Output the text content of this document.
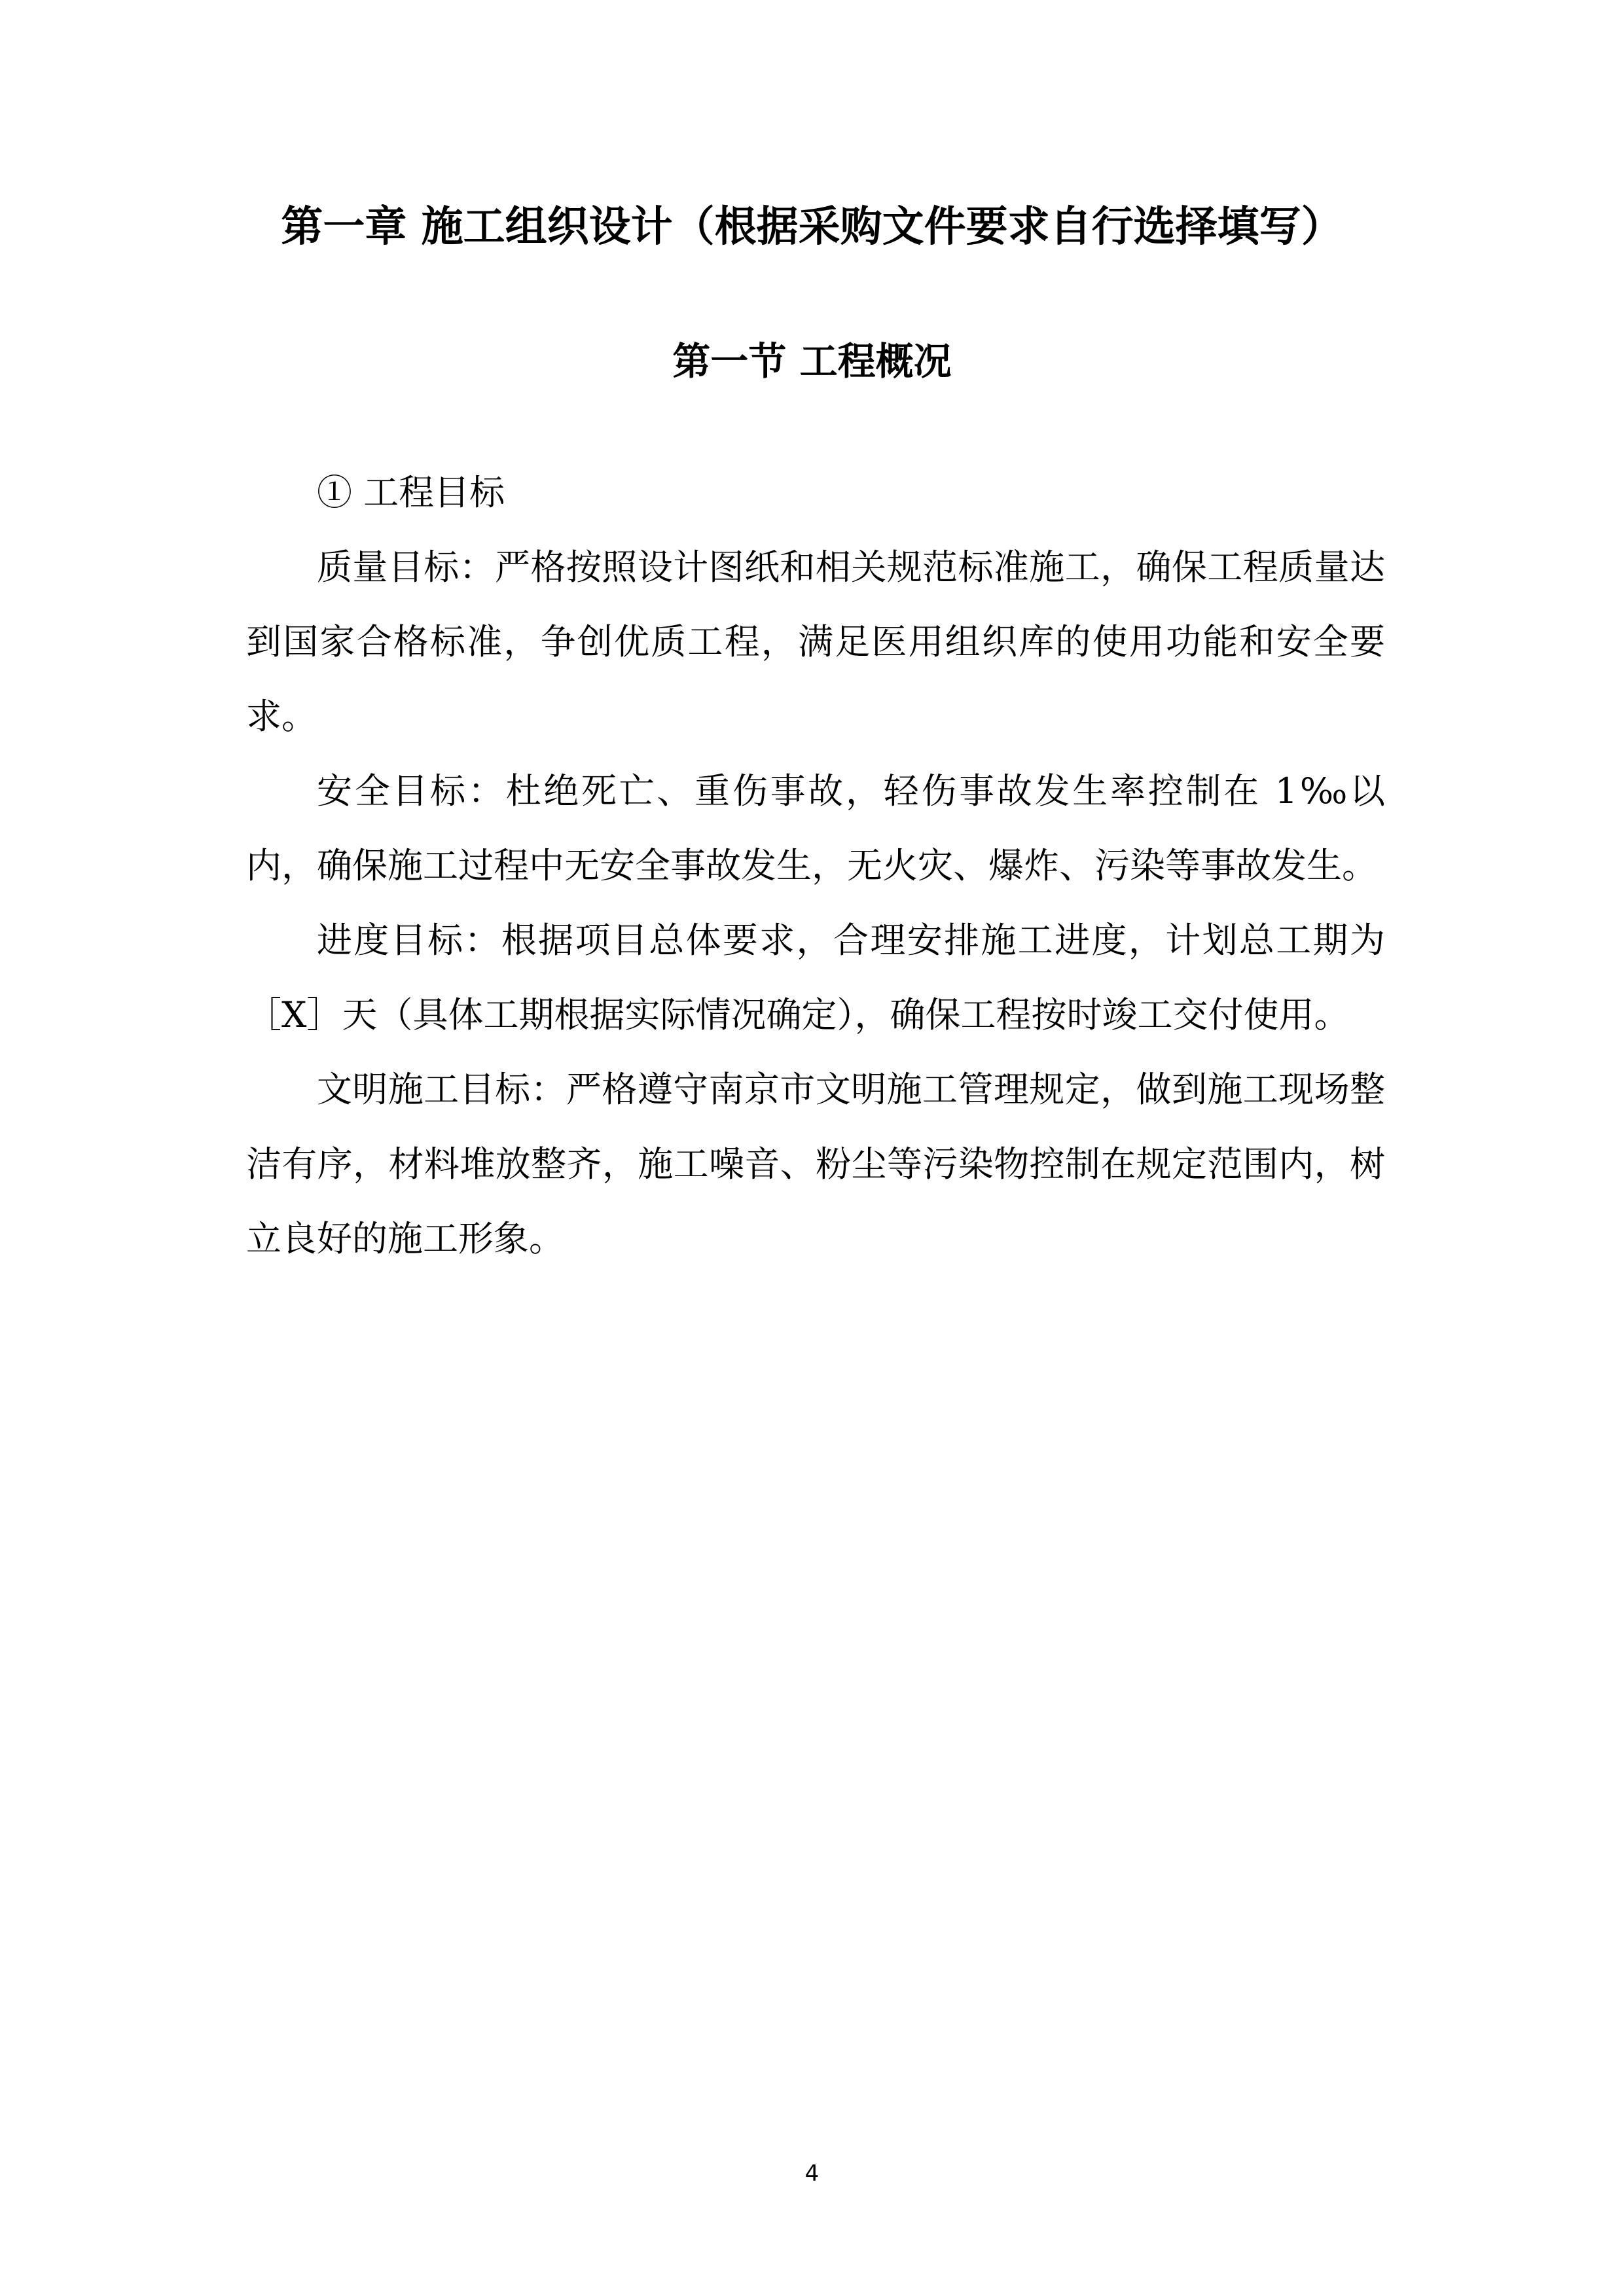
第一章 施工组织设计（根据采购文件要求自行选择填写）
第一节 工程概况

① 工程目标

质量目标：严格按照设计图纸和相关规范标准施工，确保工程质量达到国家合格标准，争创优质工程，满足医用组织库的使用功能和安全要求。

安全目标：杜绝死亡、重伤事故，轻伤事故发生率控制在 1‰以内，确保施工过程中无安全事故发生，无火灾、爆炸、污染等事故发生。

进度目标：根据项目总体要求，合理安排施工进度，计划总工期为［X］天（具体工期根据实际情况确定），确保工程按时竣工交付使用。

文明施工目标：严格遵守南京市文明施工管理规定，做到施工现场整洁有序，材料堆放整齐，施工噪音、粉尘等污染物控制在规定范围内，树立良好的施工形象。

4
